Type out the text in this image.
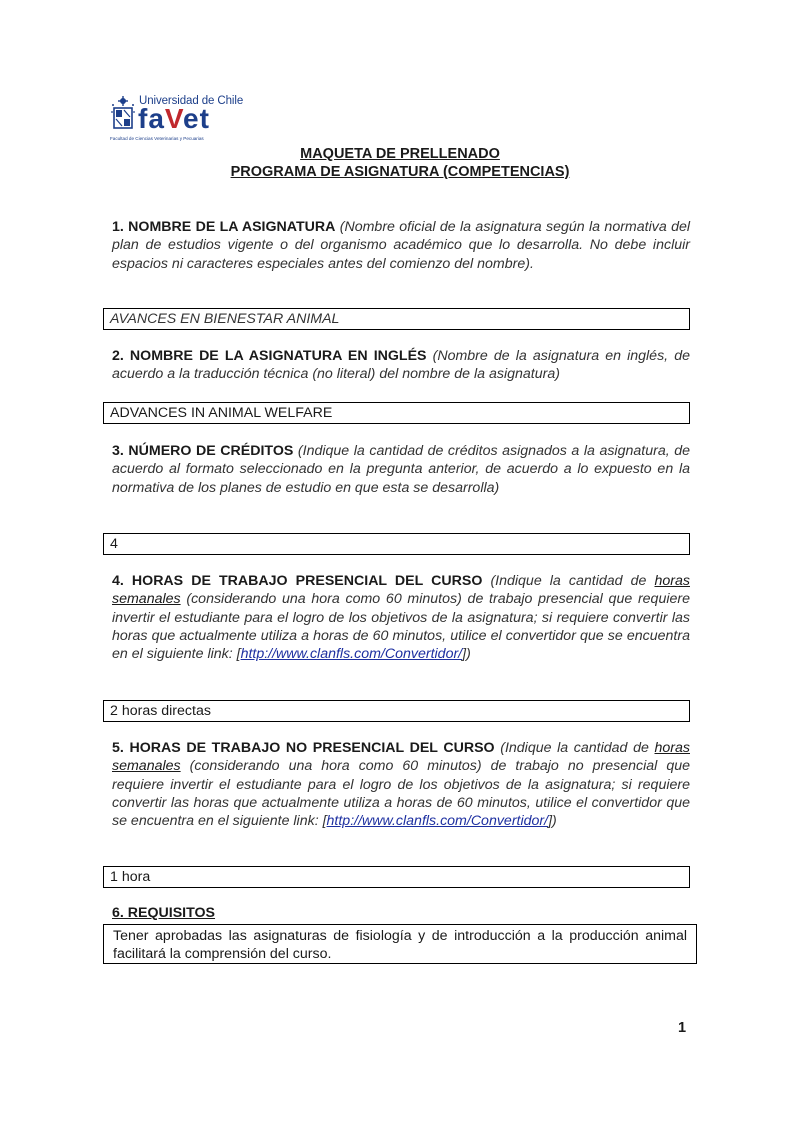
Universidad de Chile
faVet
Facultad de Ciencias Veterinarias y Pecuarias
MAQUETA DE PRELLENADO
PROGRAMA DE ASIGNATURA (COMPETENCIAS)
1. NOMBRE DE LA ASIGNATURA (Nombre oficial de la asignatura según la normativa del plan de estudios vigente o del organismo académico que lo desarrolla. No debe incluir espacios ni caracteres especiales antes del comienzo del nombre).
AVANCES EN BIENESTAR ANIMAL
2. NOMBRE DE LA ASIGNATURA EN INGLÉS (Nombre de la asignatura en inglés, de acuerdo a la traducción técnica (no literal) del nombre de la asignatura)
ADVANCES IN ANIMAL WELFARE
3. NÚMERO DE CRÉDITOS (Indique la cantidad de créditos asignados a la asignatura, de acuerdo al formato seleccionado en la pregunta anterior, de acuerdo a lo expuesto en la normativa de los planes de estudio en que esta se desarrolla)
4
4. HORAS DE TRABAJO PRESENCIAL DEL CURSO (Indique la cantidad de horas semanales (considerando una hora como 60 minutos) de trabajo presencial que requiere invertir el estudiante para el logro de los objetivos de la asignatura; si requiere convertir las horas que actualmente utiliza a horas de 60 minutos, utilice el convertidor que se encuentra en el siguiente link: [http://www.clanfls.com/Convertidor/])
2 horas directas
5. HORAS DE TRABAJO NO PRESENCIAL DEL CURSO (Indique la cantidad de horas semanales (considerando una hora como 60 minutos) de trabajo no presencial que requiere invertir el estudiante para el logro de los objetivos de la asignatura; si requiere convertir las horas que actualmente utiliza a horas de 60 minutos, utilice el convertidor que se encuentra en el siguiente link: [http://www.clanfls.com/Convertidor/])
1 hora
6. REQUISITOS
Tener aprobadas las asignaturas de fisiología y de introducción a la producción animal facilitará la comprensión del curso.
1
